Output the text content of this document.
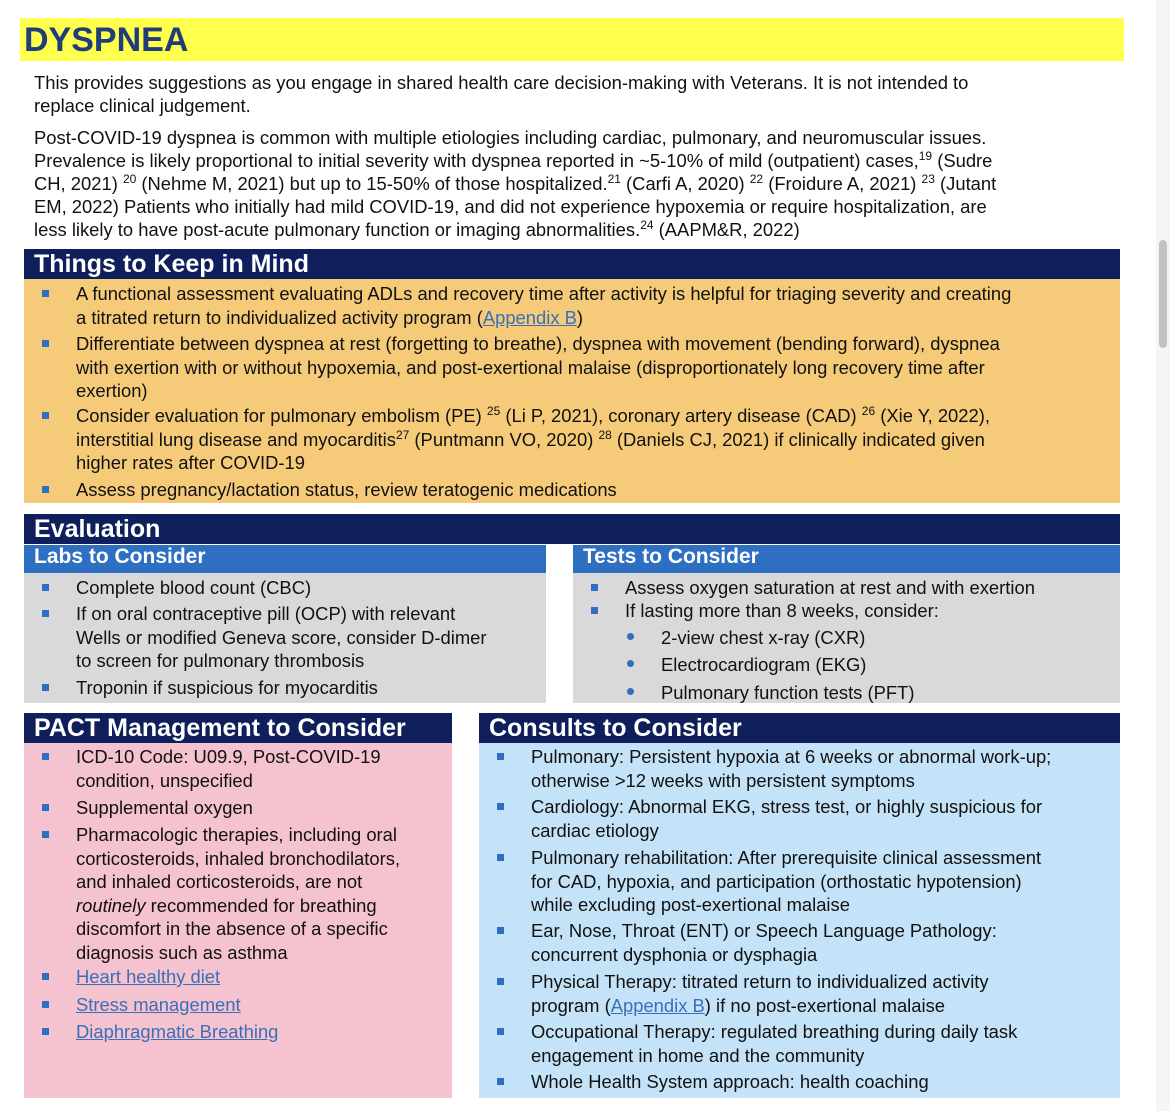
DYSPNEA
This provides suggestions as you engage in shared health care decision-making with Veterans. It is not intended to
replace clinical judgement.
Post-COVID-19 dyspnea is common with multiple etiologies including cardiac, pulmonary, and neuromuscular issues.
Prevalence is likely proportional to initial severity with dyspnea reported in ~5-10% of mild (outpatient) cases,$^{19}$ (Sudre
CH, 2021) $^{20}$ (Nehme M, 2021) but up to 15-50% of those hospitalized.$^{21}$ (Carfi A, 2020) $^{22}$ (Froidure A, 2021) $^{23}$ (Jutant
EM, 2022) Patients who initially had mild COVID-19, and did not experience hypoxemia or require hospitalization, are
less likely to have post-acute pulmonary function or imaging abnormalities.$^{24}$ (AAPM&R, 2022)
Things to Keep in Mind
A functional assessment evaluating ADLs and recovery time after activity is helpful for triaging severity and creating
a titrated return to individualized activity program (Appendix B)
Differentiate between dyspnea at rest (forgetting to breathe), dyspnea with movement (bending forward), dyspnea
with exertion with or without hypoxemia, and post-exertional malaise (disproportionately long recovery time after
exertion)
Consider evaluation for pulmonary embolism (PE) $^{25}$ (Li P, 2021), coronary artery disease (CAD) $^{26}$ (Xie Y, 2022),
interstitial lung disease and myocarditis$^{27}$ (Puntmann VO, 2020) $^{28}$ (Daniels CJ, 2021) if clinically indicated given
higher rates after COVID-19
Assess pregnancy/lactation status, review teratogenic medications
Evaluation
Labs to Consider
Complete blood count (CBC)
If on oral contraceptive pill (OCP) with relevant
Wells or modified Geneva score, consider D-dimer
to screen for pulmonary thrombosis
Troponin if suspicious for myocarditis
Tests to Consider
Assess oxygen saturation at rest and with exertion
If lasting more than 8 weeks, consider:
2-view chest x-ray (CXR)
Electrocardiogram (EKG)
Pulmonary function tests (PFT)
PACT Management to Consider
ICD-10 Code: U09.9, Post-COVID-19
condition, unspecified
Supplemental oxygen
Pharmacologic therapies, including oral
corticosteroids, inhaled bronchodilators,
and inhaled corticosteroids, are not
routinely recommended for breathing
discomfort in the absence of a specific
diagnosis such as asthma
Heart healthy diet
Stress management
Diaphragmatic Breathing
Consults to Consider
Pulmonary: Persistent hypoxia at 6 weeks or abnormal work-up;
otherwise >12 weeks with persistent symptoms
Cardiology: Abnormal EKG, stress test, or highly suspicious for
cardiac etiology
Pulmonary rehabilitation: After prerequisite clinical assessment
for CAD, hypoxia, and participation (orthostatic hypotension)
while excluding post-exertional malaise
Ear, Nose, Throat (ENT) or Speech Language Pathology:
concurrent dysphonia or dysphagia
Physical Therapy: titrated return to individualized activity
program (Appendix B) if no post-exertional malaise
Occupational Therapy: regulated breathing during daily task
engagement in home and the community
Whole Health System approach: health coaching
